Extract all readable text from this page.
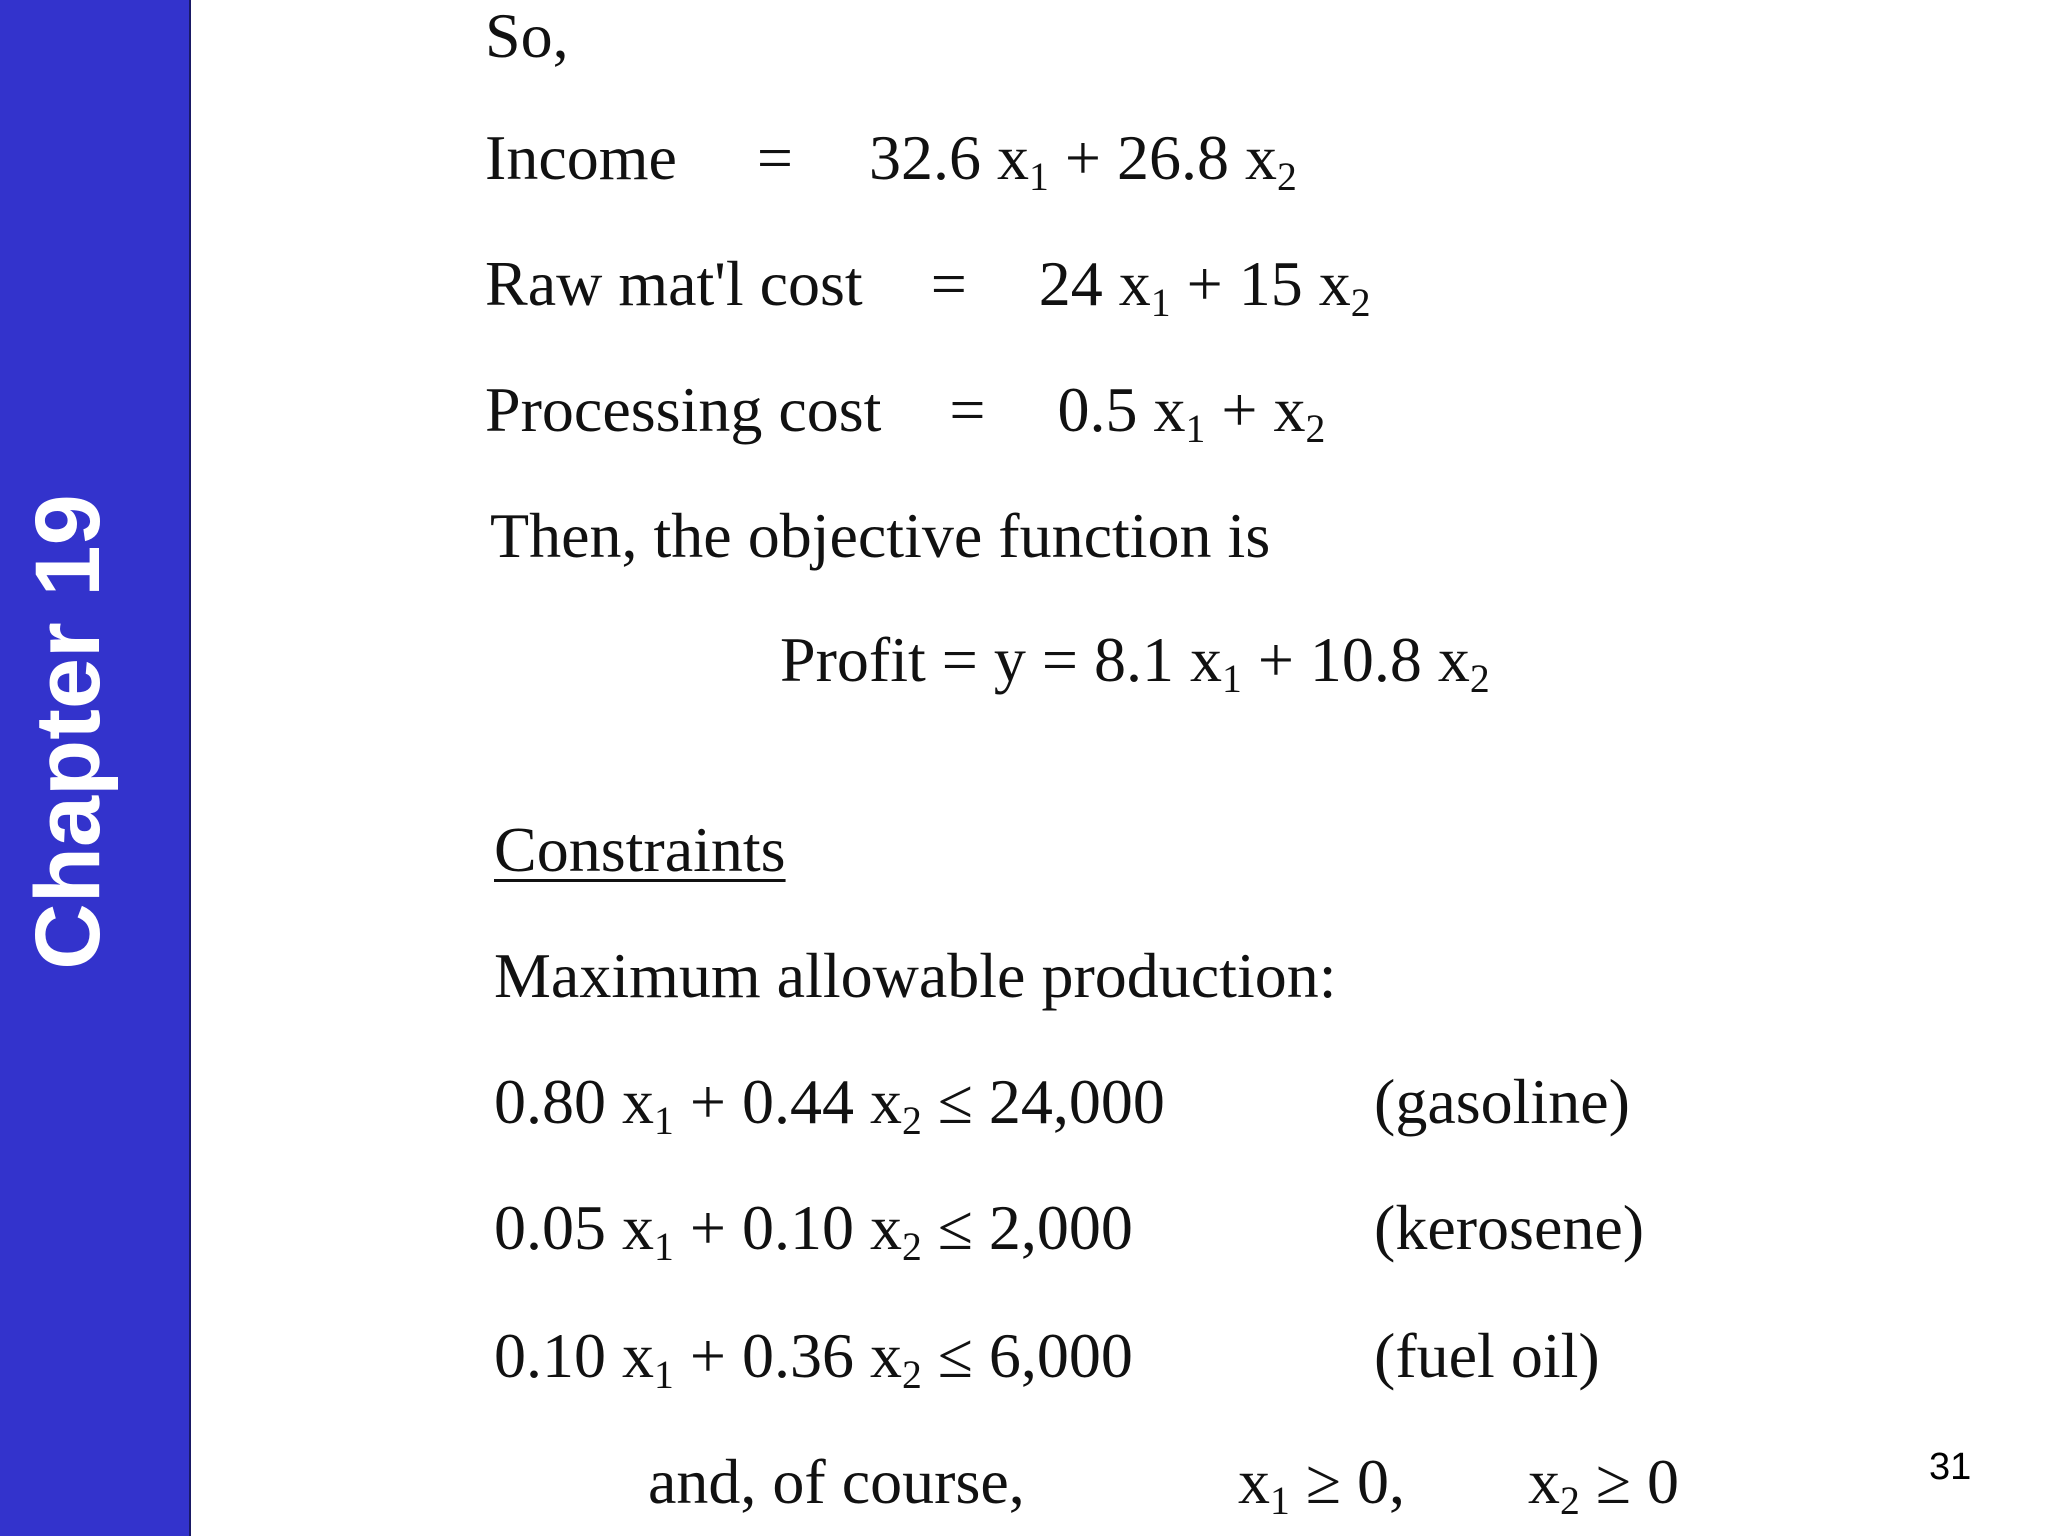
Chapter 19
So,
Income = 32.6 $x_1 + 26.8$ $x_2$
Raw mat'l cost = 24 $x_1 + 15$ $x_2$
Processing cost = 0.5 $x_1 + x_2$
Then, the objective function is
Profit = y = 8.1 $x_1 + 10.8$ $x_2$
Constraints
Maximum allowable production:
0.80 $x_1 + 0.44$ $x_2 \le 24,000$	(gasoline)
0.05 $x_1 + 0.10$ $x_2 \le 2,000$	(kerosene)
0.10 $x_1 + 0.36$ $x_2 \le 6,000$	(fuel oil)
and, of course,	$x_1 \ge 0$, $x_2 \ge 0$	31
